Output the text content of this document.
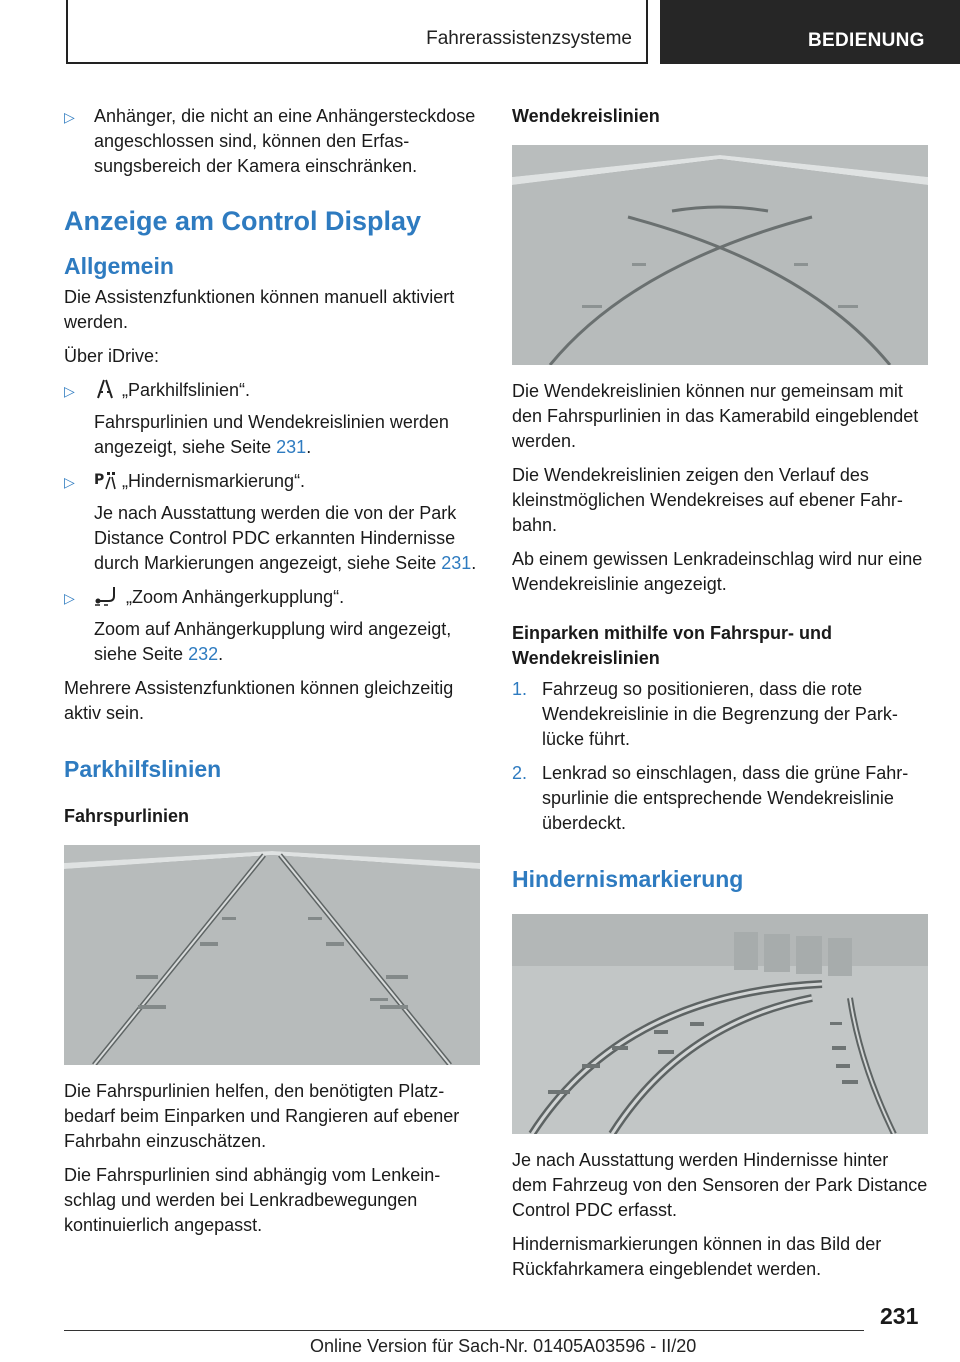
Fahrerassistenzsysteme	BEDIENUNG
▷	Anhänger, die nicht an eine Anhängersteckdose angeschlossen sind, können den Erfassungsbereich der Kamera einschränken.
Anzeige am Control Display
Allgemein

Die Assistenzfunktionen können manuell aktiviert werden.

Über iDrive:

▷	„Parkhilfslinien“.
Fahrspurlinien und Wendekreislinien werden angezeigt, siehe Seite 231.
▷	P „Hindernismarkierung“.
Je nach Ausstattung werden die von der Park Distance Control PDC erkannten Hindernisse durch Markierungen angezeigt, siehe Seite 231.
▷	„Zoom Anhängerkupplung“.
Zoom auf Anhängerkupplung wird angezeigt, siehe Seite 232.

Mehrere Assistenzfunktionen können gleichzeitig aktiv sein.

Parkhilfslinien
Fahrspurlinien

Die Fahrspurlinien helfen, den benötigten Platzbedarf beim Einparken und Rangieren auf ebener Fahrbahn einzuschätzen.

Die Fahrspurlinien sind abhängig vom Lenkeinschlag und werden bei Lenkradbewegungen kontinuierlich angepasst.

Wendekreislinien

Die Wendekreislinien können nur gemeinsam mit den Fahrspurlinien in das Kamerabild eingeblendet werden.

Die Wendekreislinien zeigen den Verlauf des kleinstmöglichen Wendekreises auf ebener Fahrbahn.

Ab einem gewissen Lenkradeinschlag wird nur eine Wendekreislinie angezeigt.

Einparken mithilfe von Fahrspur- und Wendekreislinien
1. Fahrzeug so positionieren, dass die rote Wendekreislinie in die Begrenzung der Parklücke führt.
2. Lenkrad so einschlagen, dass die grüne Fahrspurlinie die entsprechende Wendekreislinie überdeckt.
Hindernismarkierung

Je nach Ausstattung werden Hindernisse hinter dem Fahrzeug von den Sensoren der Park Distance Control PDC erfasst.

Hindernismarkierungen können in das Bild der Rückfahrkamera eingeblendet werden.

231
Online Version für Sach-Nr. 01405A03596 - II/20
